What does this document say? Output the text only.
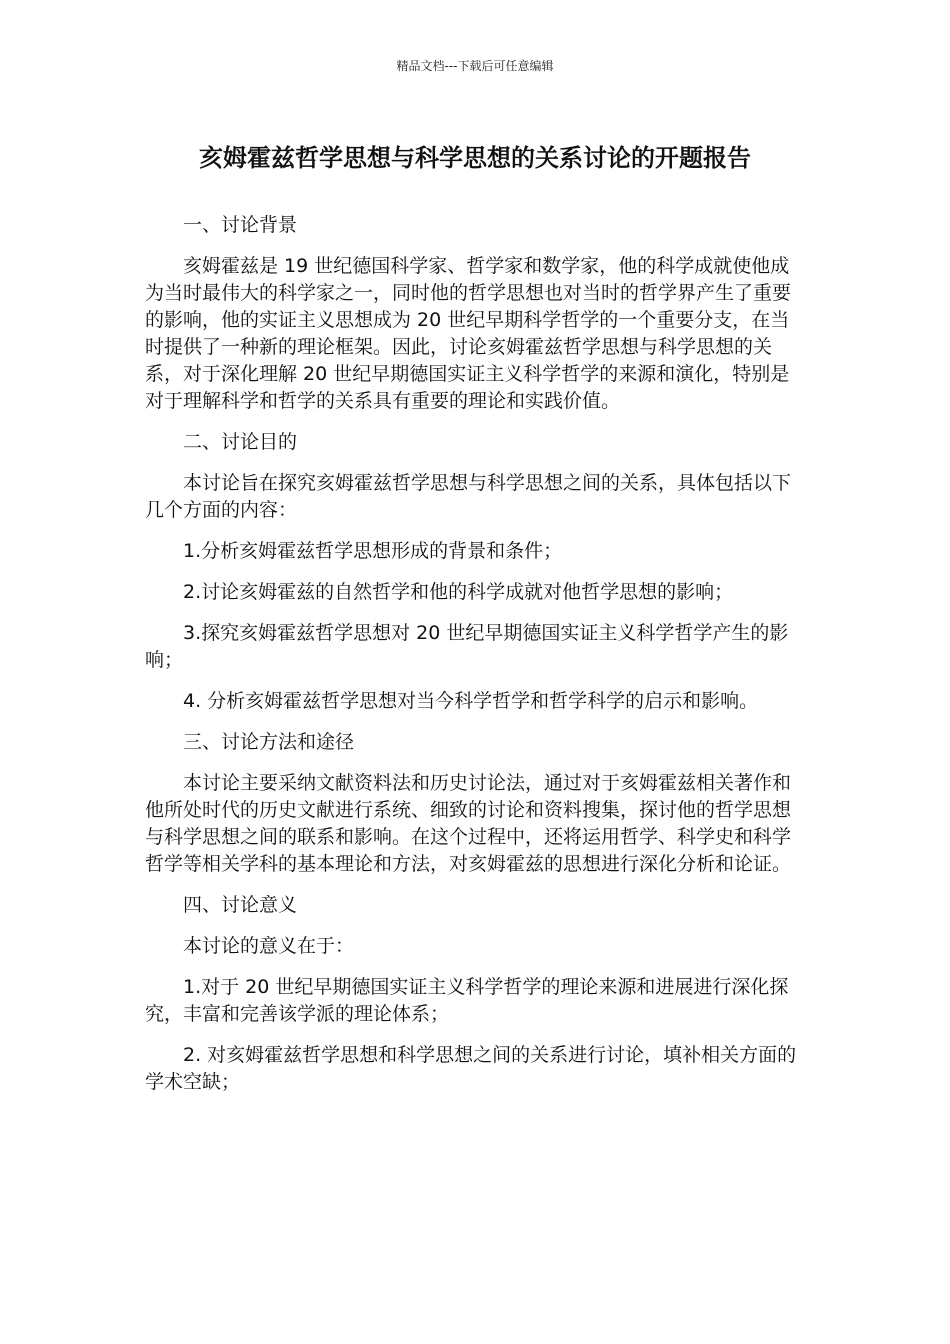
精品文档---下载后可任意编辑
亥姆霍兹哲学思想与科学思想的关系讨论的开题报告

一、讨论背景

亥姆霍兹是 19 世纪德国科学家、哲学家和数学家，他的科学成就使他成为当时最伟大的科学家之一，同时他的哲学思想也对当时的哲学界产生了重要的影响，他的实证主义思想成为 20 世纪早期科学哲学的一个重要分支，在当时提供了一种新的理论框架。因此，讨论亥姆霍兹哲学思想与科学思想的关系，对于深化理解 20 世纪早期德国实证主义科学哲学的来源和演化，特别是对于理解科学和哲学的关系具有重要的理论和实践价值。

二、讨论目的

本讨论旨在探究亥姆霍兹哲学思想与科学思想之间的关系，具体包括以下几个方面的内容：

1.分析亥姆霍兹哲学思想形成的背景和条件；

2.讨论亥姆霍兹的自然哲学和他的科学成就对他哲学思想的影响；

3.探究亥姆霍兹哲学思想对 20 世纪早期德国实证主义科学哲学产生的影响；

4. 分析亥姆霍兹哲学思想对当今科学哲学和哲学科学的启示和影响。

三、讨论方法和途径

本讨论主要采纳文献资料法和历史讨论法，通过对于亥姆霍兹相关著作和他所处时代的历史文献进行系统、细致的讨论和资料搜集，探讨他的哲学思想与科学思想之间的联系和影响。在这个过程中，还将运用哲学、科学史和科学哲学等相关学科的基本理论和方法，对亥姆霍兹的思想进行深化分析和论证。

四、讨论意义

本讨论的意义在于：

1.对于 20 世纪早期德国实证主义科学哲学的理论来源和进展进行深化探究，丰富和完善该学派的理论体系；

2. 对亥姆霍兹哲学思想和科学思想之间的关系进行讨论，填补相关方面的学术空缺；
